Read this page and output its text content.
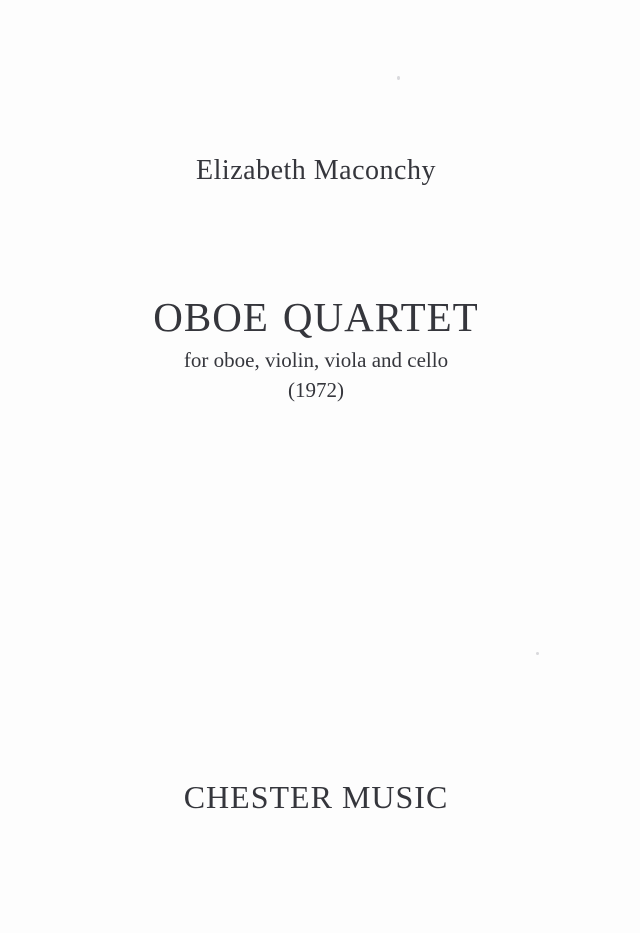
Elizabeth Maconchy
OBOE QUARTET
for oboe, violin, viola and cello
(1972)
CHESTER MUSIC
